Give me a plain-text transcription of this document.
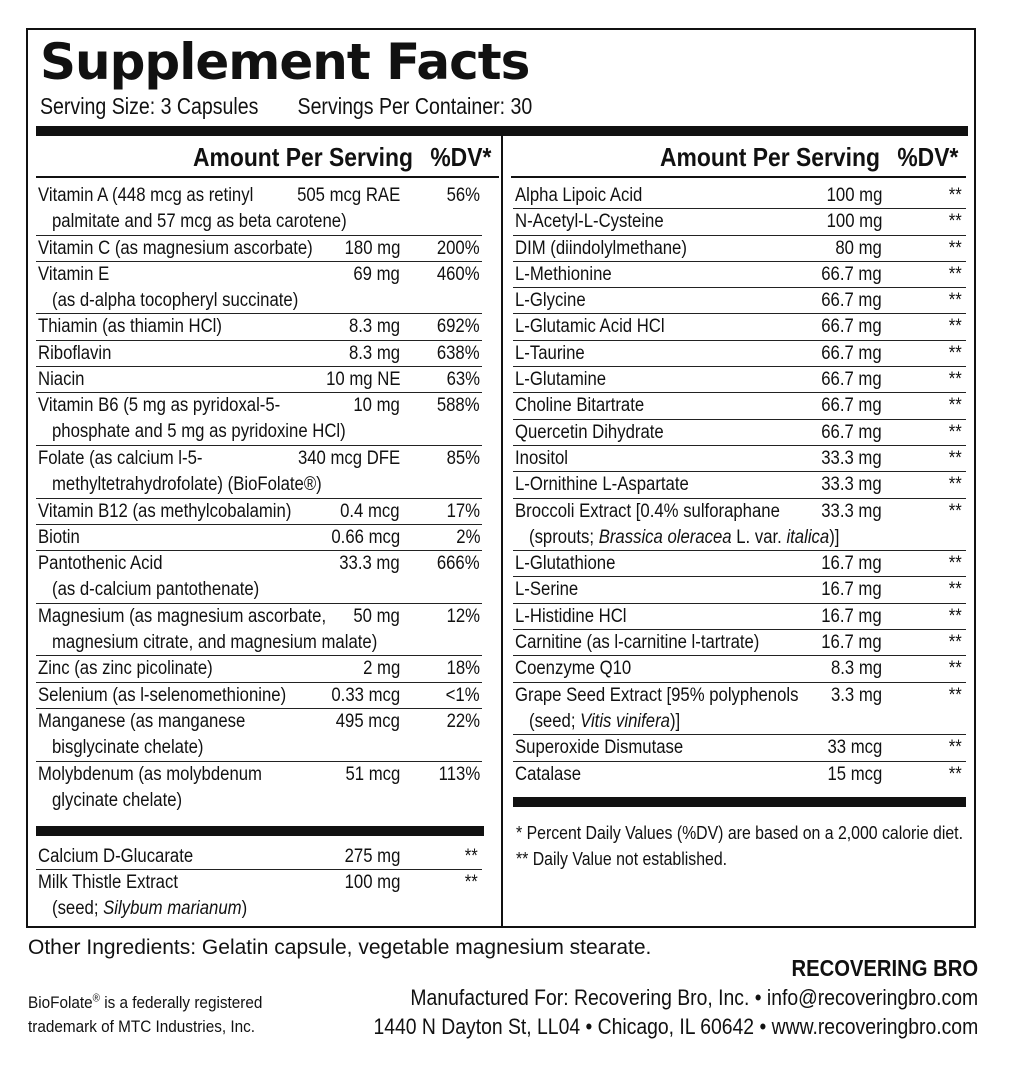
Supplement Facts
Serving Size: 3 Capsules Servings Per Container: 30
Amount Per Serving %DV*	Amount Per Serving %DV*
Vitamin A (448 mcg as retinyl
palmitate and 57 mcg as beta carotene)
505 mcg RAE 56%
Vitamin C (as magnesium ascorbate) 180 mg 200%
Vitamin E
(as d-alpha tocopheryl succinate)
69 mg 460%
Thiamin (as thiamin HCl)	8.3 mg 692%
Riboflavin	8.3 mg 638%
Niacin	10 mg NE 63%
Vitamin B6 (5 mg as pyridoxal-5-
phosphate and 5 mg as pyridoxine HCl)
10 mg 588%
Folate (as calcium l-5-
methyltetrahydrofolate) (BioFolate®)
340 mcg DFE 85%
Vitamin B12 (as methylcobalamin)	0.4 mcg 17%
Biotin	0.66 mcg	2%
Pantothenic Acid
(as d-calcium pantothenate)
33.3 mg 666%
Magnesium (as magnesium ascorbate,
magnesium citrate, and magnesium malate)
50 mg 12%
Zinc (as zinc picolinate)	2 mg 18%
Selenium (as l-selenomethionine) 0.33 mcg <1%
Manganese (as manganese
bisglycinate chelate)
495 mcg 22%
Molybdenum (as molybdenum
glycinate chelate)
51 mcg 113%
Calcium D-Glucarate	275 mg	**
Milk Thistle Extract
(seed; Silybum marianum)
100 mg	**
Alpha Lipoic Acid	100 mg	**
N-Acetyl-L-Cysteine	100 mg	**
DIM (diindolylmethane)	80 mg	**
L-Methionine	66.7 mg	**
L-Glycine	66.7 mg	**
L-Glutamic Acid HCl	66.7 mg	**
L-Taurine	66.7 mg	**
L-Glutamine	66.7 mg	**
Choline Bitartrate	66.7 mg	**
Quercetin Dihydrate	66.7 mg	**
Inositol	33.3 mg	**
L-Ornithine L-Aspartate	33.3 mg	**
Broccoli Extract [0.4% sulforaphane
(sprouts; Brassica oleracea L. var. italica)]
33.3 mg	**
L-Glutathione	16.7 mg	**
L-Serine	16.7 mg	**
L-Histidine HCl	16.7 mg	**
Carnitine (as l-carnitine l-tartrate)	16.7 mg	**
Coenzyme Q10	8.3 mg	**
Grape Seed Extract [95% polyphenols
(seed; Vitis vinifera)]
3.3 mg	**
Superoxide Dismutase	33 mcg	**
Catalase	15 mcg	**
* Percent Daily Values (%DV) are based on a 2,000 calorie diet.
** Daily Value not established.
Other Ingredients: Gelatin capsule, vegetable magnesium stearate.
RECOVERING BRO
Manufactured For: Recovering Bro, Inc. • info@recoveringbro.com
1440 N Dayton St, LL04 • Chicago, IL 60642 • www.recoveringbro.com
BioFolate® is a federally registered
trademark of MTC Industries, Inc.
